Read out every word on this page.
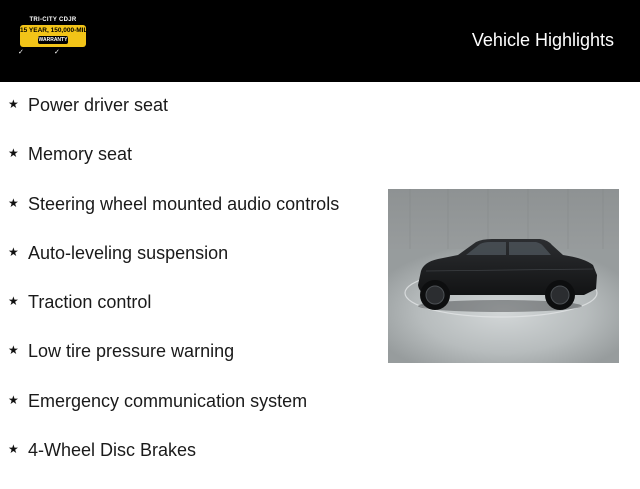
TRI-CITY CDJR
15 YEAR, 150,000-MILE
WARRANTY
✓	✓
Vehicle Highlights
★ Power driver seat
★ Memory seat
★ Steering wheel mounted audio controls
★ Auto-leveling suspension
★ Traction control
★ Low tire pressure warning
★ Emergency communication system
★ 4-Wheel Disc Brakes
